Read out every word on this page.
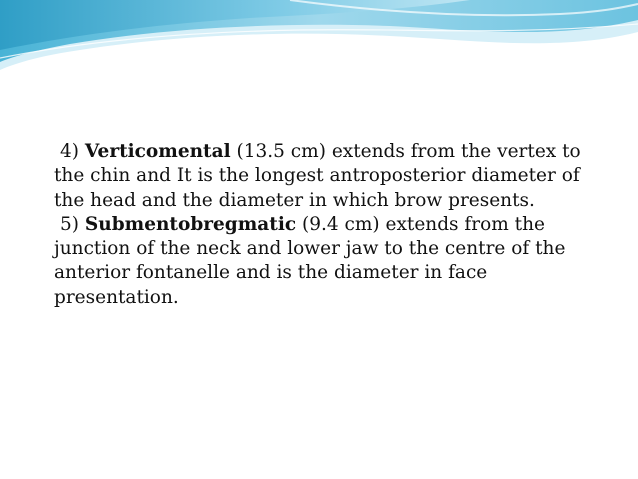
4) Verticomental (13.5 cm) extends from the vertex to the chin and It is the longest antroposterior diameter of the head and the diameter in which brow presents.

5) Submentobregmatic (9.4 cm) extends from the junction of the neck and lower jaw to the centre of the anterior fontanelle and is the diameter in face presentation.
